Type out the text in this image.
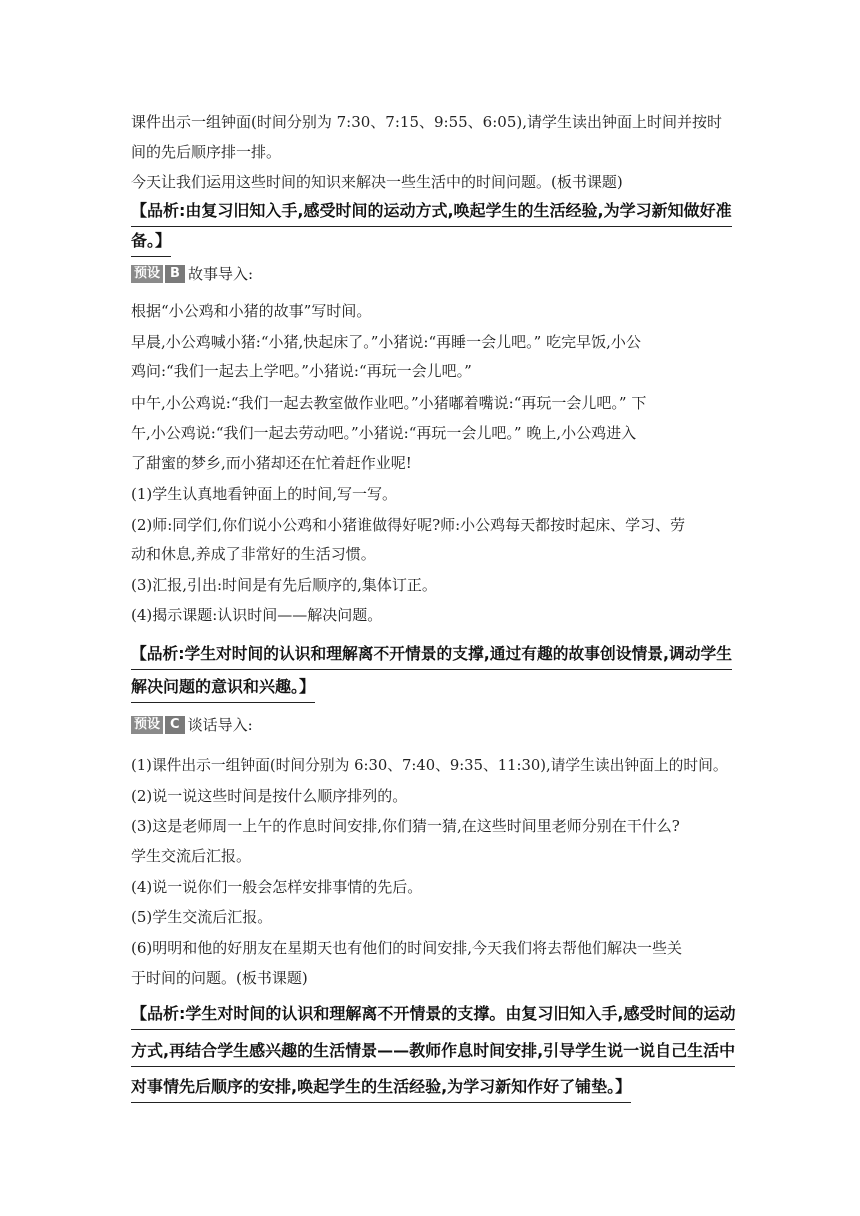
课件出示一组钟面(时间分别为 7:30、7:15、9:55、6:05),请学生读出钟面上时间并按时
间的先后顺序排一排。
今天让我们运用这些时间的知识来解决一些生活中的时间问题。(板书课题)
【品析:由复习旧知入手,感受时间的运动方式,唤起学生的生活经验,为学习新知做好准
备。】
预设 B 故事导入:
根据“小公鸡和小猪的故事”写时间。
早晨,小公鸡喊小猪:“小猪,快起床了。”小猪说:“再睡一会儿吧。” 吃完早饭,小公
鸡问:“我们一起去上学吧。”小猪说:“再玩一会儿吧。”
中午,小公鸡说:“我们一起去教室做作业吧。”小猪嘟着嘴说:“再玩一会儿吧。” 下
午,小公鸡说:“我们一起去劳动吧。”小猪说:“再玩一会儿吧。” 晚上,小公鸡进入
了甜蜜的梦乡,而小猪却还在忙着赶作业呢!
(1)学生认真地看钟面上的时间,写一写。
(2)师:同学们,你们说小公鸡和小猪谁做得好呢?师:小公鸡每天都按时起床、学习、劳
动和休息,养成了非常好的生活习惯。
(3)汇报,引出:时间是有先后顺序的,集体订正。
(4)揭示课题:认识时间——解决问题。
【品析:学生对时间的认识和理解离不开情景的支撑,通过有趣的故事创设情景,调动学生
解决问题的意识和兴趣。】
预设 C 谈话导入:
(1)课件出示一组钟面(时间分别为 6:30、7:40、9:35、11:30),请学生读出钟面上的时间。
(2)说一说这些时间是按什么顺序排列的。
(3)这是老师周一上午的作息时间安排,你们猜一猜,在这些时间里老师分别在干什么?
学生交流后汇报。
(4)说一说你们一般会怎样安排事情的先后。
(5)学生交流后汇报。
(6)明明和他的好朋友在星期天也有他们的时间安排,今天我们将去帮他们解决一些关
于时间的问题。(板书课题)
【品析:学生对时间的认识和理解离不开情景的支撑。由复习旧知入手,感受时间的运动
方式,再结合学生感兴趣的生活情景——教师作息时间安排,引导学生说一说自己生活中
对事情先后顺序的安排,唤起学生的生活经验,为学习新知作好了铺垫。】
